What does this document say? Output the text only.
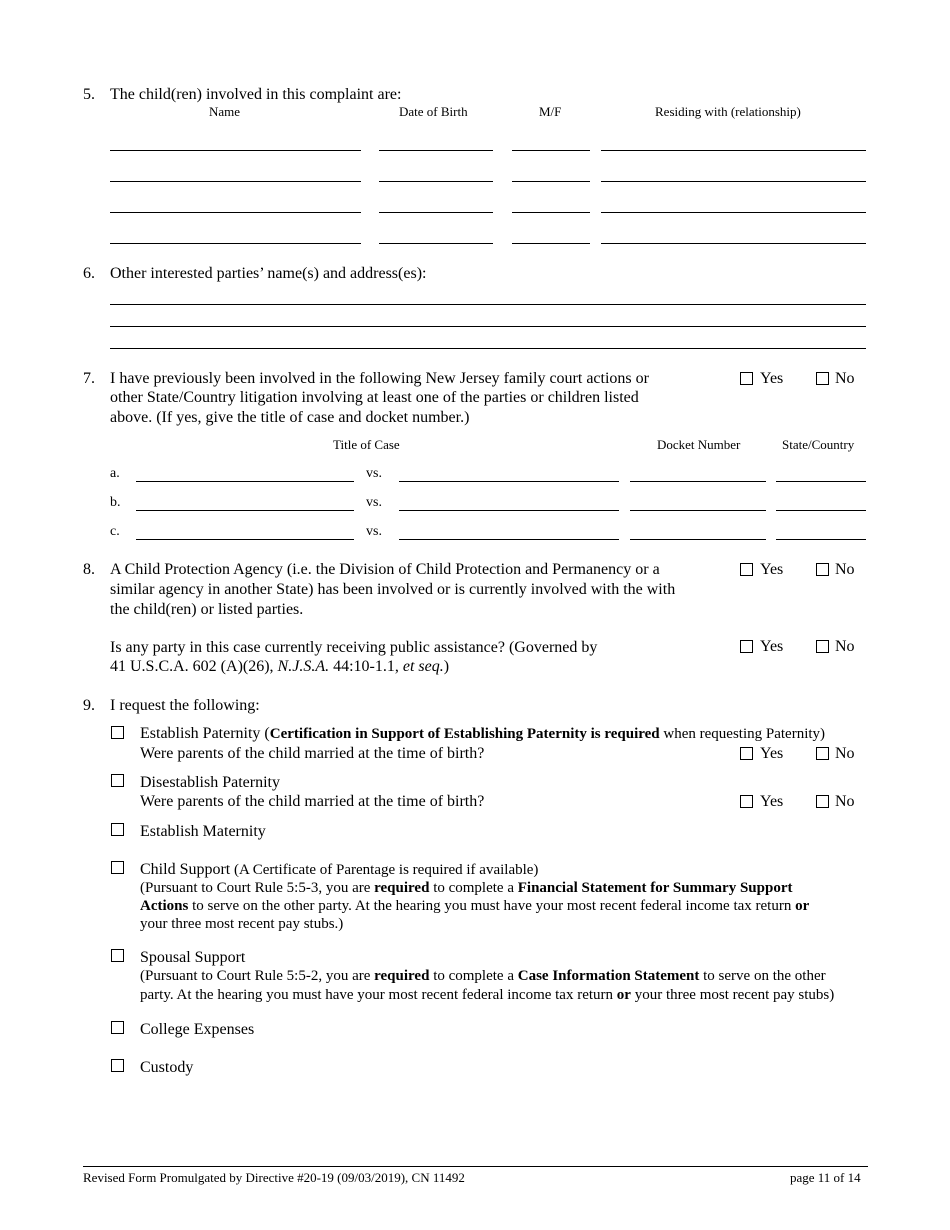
5. The child(ren) involved in this complaint are:
Name	Date of Birth	M/F	Residing with (relationship)
6. Other interested parties’ name(s) and address(es):
7. I have previously been involved in the following New Jersey family court actions or
other State/Country litigation involving at least one of the parties or children listed
above. (If yes, give the title of case and docket number.)
Yes	No
Title of Case	Docket Number	State/Country
a.	vs.
b.	vs.
c.	vs.
8. A Child Protection Agency (i.e. the Division of Child Protection and Permanency or a
similar agency in another State) has been involved or is currently involved with the with
the child(ren) or listed parties.
Yes	No
Is any party in this case currently receiving public assistance? (Governed by
41 U.S.C.A. 602 (A)(26), N.J.S.A. 44:10-1.1, et seq.)
Yes	No
9. I request the following:
Establish Paternity (Certification in Support of Establishing Paternity is required when requesting Paternity)
Were parents of the child married at the time of birth?	Yes	No
Disestablish Paternity
Were parents of the child married at the time of birth?	Yes	No
Establish Maternity
Child Support (A Certificate of Parentage is required if available)
(Pursuant to Court Rule 5:5-3, you are required to complete a Financial Statement for Summary Support
Actions to serve on the other party. At the hearing you must have your most recent federal income tax return or
your three most recent pay stubs.)
Spousal Support
(Pursuant to Court Rule 5:5-2, you are required to complete a Case Information Statement to serve on the other
party. At the hearing you must have your most recent federal income tax return or your three most recent pay stubs)
College Expenses
Custody
Revised Form Promulgated by Directive #20-19 (09/03/2019), CN 11492	page 11 of 14
